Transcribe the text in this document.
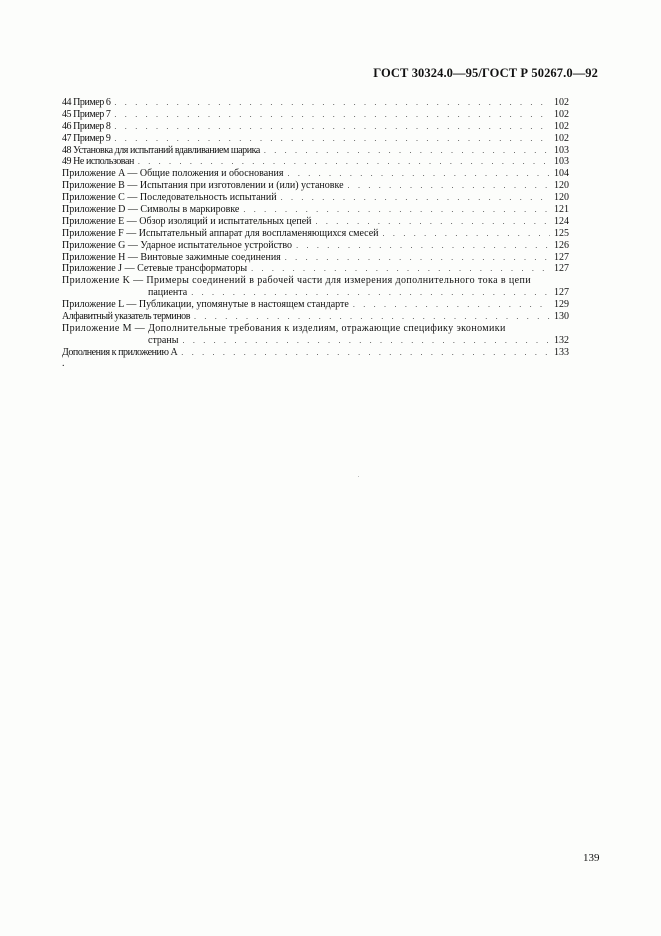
ГОСТ 30324.0—95/ГОСТ Р 50267.0—92
44 Пример 6 . . .	102
45 Пример 7 . . .	102
46 Пример 8 . . .	102
47 Пример 9 . . .	102
48 Установка для испытаний вдавливанием шарика . . .	103
49 Не использован . . .	103
Приложение A — Общие положения и обоснования . . .	104
Приложение B — Испытания при изготовлении и (или) установке . . .	120
Приложение C — Последовательность испытаний . . .	120
Приложение D — Символы в маркировке . . .	121
Приложение E — Обзор изоляций и испытательных цепей . . .	124
Приложение F — Испытательный аппарат для воспламеняющихся смесей . . .	125
Приложение G — Ударное испытательное устройство . . .	126
Приложение H — Винтовые зажимные соединения . . .	127
Приложение J — Сетевые трансформаторы . . .	127
Приложение K — Примеры соединений в рабочей части для измерения дополнительного тока в цепи
пациента . . .	127
Приложение L — Публикации, упомянутые в настоящем стандарте . . .	129
Алфавитный указатель терминов . . .	130
Приложение M — Дополнительные требования к изделиям, отражающие специфику экономики
страны . . .	132
Дополнения к приложению A . . .	133
.
139
